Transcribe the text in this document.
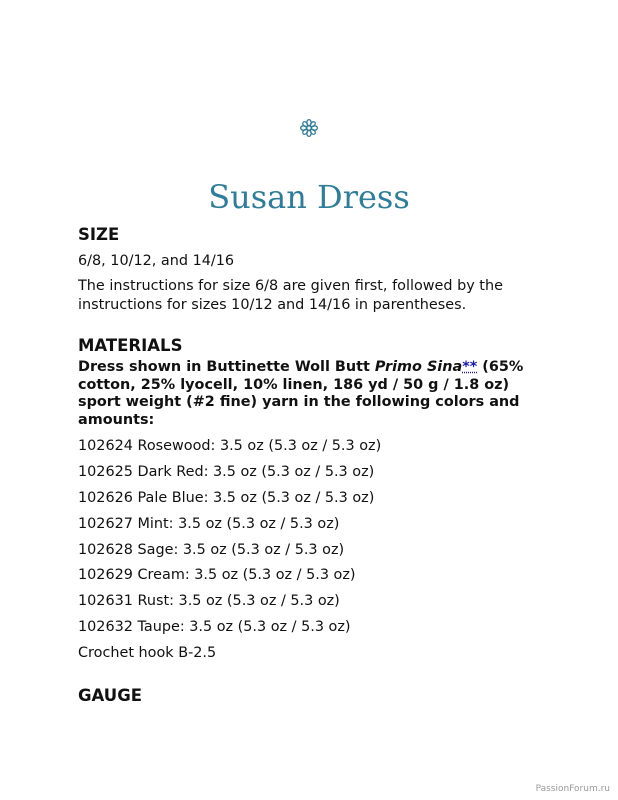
Susan Dress
SIZE

6/8, 10/12, and 14/16

The instructions for size 6/8 are given first, followed by the instructions for sizes 10/12 and 14/16 in parentheses.

MATERIALS

Dress shown in Buttinette Woll Butt Primo Sina** (65% cotton, 25% lyocell, 10% linen, 186 yd / 50 g / 1.8 oz) sport weight (#2 fine) yarn in the following colors and amounts:

102624 Rosewood: 3.5 oz (5.3 oz / 5.3 oz)

102625 Dark Red: 3.5 oz (5.3 oz / 5.3 oz)

102626 Pale Blue: 3.5 oz (5.3 oz / 5.3 oz)

102627 Mint: 3.5 oz (5.3 oz / 5.3 oz)

102628 Sage: 3.5 oz (5.3 oz / 5.3 oz)

102629 Cream: 3.5 oz (5.3 oz / 5.3 oz)

102631 Rust: 3.5 oz (5.3 oz / 5.3 oz)

102632 Taupe: 3.5 oz (5.3 oz / 5.3 oz)

Crochet hook B-2.5

GAUGE
PassionForum.ru
